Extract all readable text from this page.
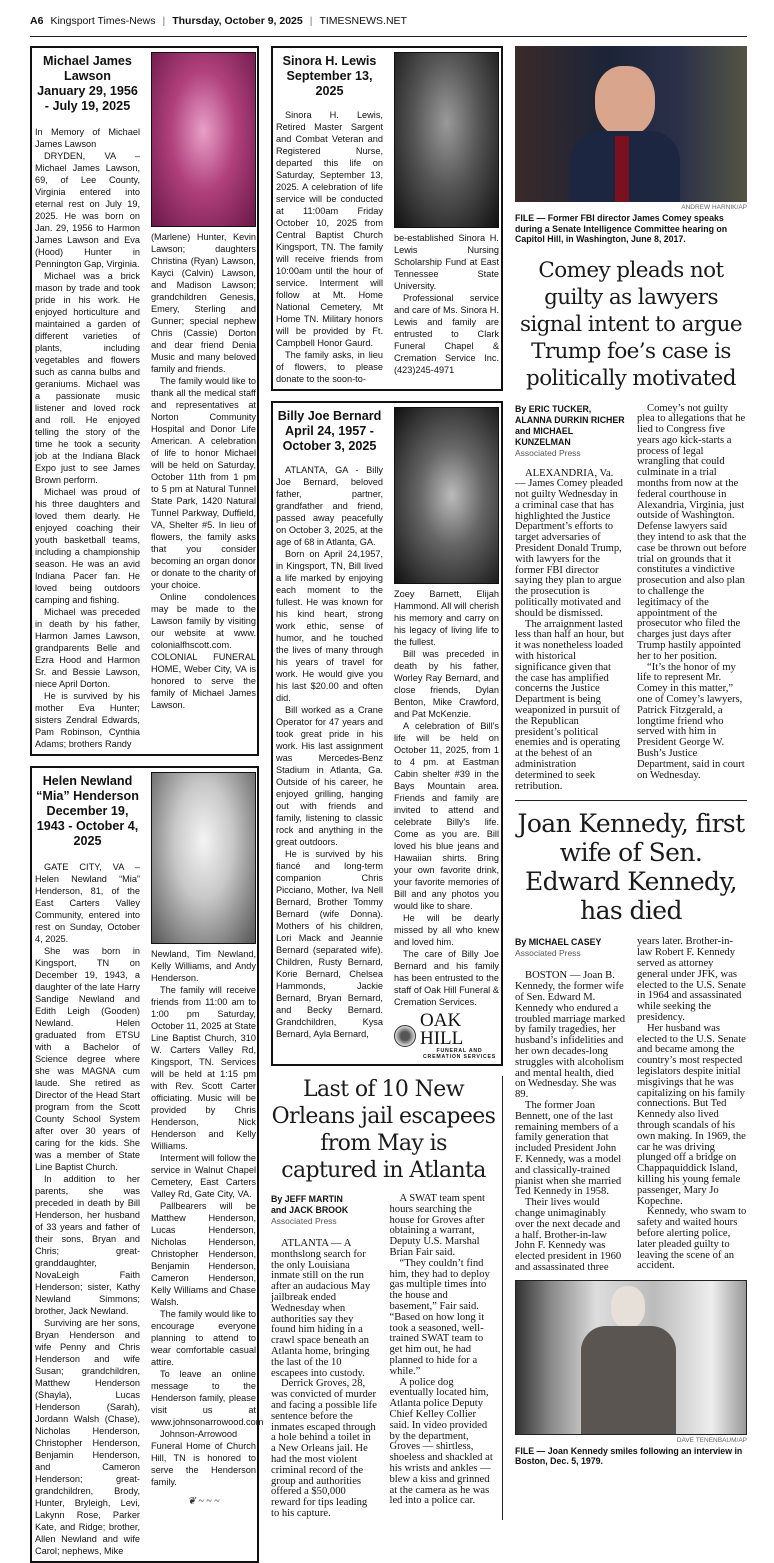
A6 Kingsport Times-News | Thursday, October 9, 2025 | TIMESNEWS.NET
Michael James Lawson
January 29, 1956 - July 19, 2025

In Memory of Michael James Lawson

DRYDEN, VA – Michael James Lawson, 69, of Lee County, Virginia entered into eternal rest on July 19, 2025. He was born on Jan. 29, 1956 to Harmon James Lawson and Eva (Hood) Hunter in Pennington Gap, Virginia.

Michael was a brick mason by trade and took pride in his work. He enjoyed horticulture and maintained a garden of different varieties of plants, including vegetables and flowers such as canna bulbs and geraniums. Michael was a passionate music listener and loved rock and roll. He enjoyed telling the story of the time he took a security job at the Indiana Black Expo just to see James Brown perform.

Michael was proud of his three daughters and loved them dearly. He enjoyed coaching their youth basketball teams, including a championship season. He was an avid Indiana Pacer fan. He loved being outdoors camping and fishing.

Michael was preceded in death by his father, Harmon James Lawson, grandparents Belle and Ezra Hood and Harmon Sr. and Bessie Lawson, niece April Dorton.

He is survived by his mother Eva Hunter; sisters Zendral Edwards, Pam Robinson, Cynthia Adams; brothers Randy

(Marlene) Hunter, Kevin Lawson; daughters Christina (Ryan) Lawson, Kayci (Calvin) Lawson, and Madison Lawson; grandchildren Genesis, Emery, Sterling and Gunner; special nephew Chris (Cassie) Dorton and dear friend Denia Music and many beloved family and friends.

The family would like to thank all the medical staff and representatives at Norton Community Hospital and Donor Life American. A celebration of life to honor Michael will be held on Saturday, October 11th from 1 pm to 5 pm at Natural Tunnel State Park, 1420 Natural Tunnel Parkway, Duffield, VA, Shelter #5. In lieu of flowers, the family asks that you consider becoming an organ donor or donate to the charity of your choice.

Online condolences may be made to the Lawson family by visiting our website at www. colonialfhscott.com. COLONIAL FUNERAL HOME, Weber City, VA is honored to serve the family of Michael James Lawson.

Helen Newland “Mia” Henderson
December 19, 1943 - October 4, 2025

GATE CITY, VA – Helen Newland “Mia” Henderson, 81, of the East Carters Valley Community, entered into rest on Sunday, October 4, 2025.

She was born in Kingsport, TN on December 19, 1943, a daughter of the late Harry Sandige Newland and Edith Leigh (Gooden) Newland. Helen graduated from ETSU with a Bachelor of Science degree where she was MAGNA cum laude. She retired as Director of the Head Start program from the Scott County School System after over 30 years of caring for the kids. She was a member of State Line Baptist Church.

In addition to her parents, she was preceded in death by Bill Henderson, her husband of 33 years and father of their sons, Bryan and Chris; great-granddaughter, NovaLeigh Faith Henderson; sister, Kathy Newland Simmons; brother, Jack Newland.

Surviving are her sons, Bryan Henderson and wife Penny and Chris Henderson and wife Susan; grandchildren, Matthew Henderson (Shayla), Lucas Henderson (Sarah), Jordann Walsh (Chase), Nicholas Henderson, Christopher Henderson, Benjamin Henderson, and Cameron Henderson; great-grandchildren, Brody, Hunter, Bryleigh, Levi, Lakynn Rose, Parker Kate, and Ridge; brother, Allen Newland and wife Carol; nephews, Mike

Newland, Tim Newland, Kelly Williams, and Andy Henderson.

The family will receive friends from 11:00 am to 1:00 pm Saturday, October 11, 2025 at State Line Baptist Church, 310 W. Carters Valley Rd, Kingsport, TN. Services will be held at 1:15 pm with Rev. Scott Carter officiating. Music will be provided by Chris Henderson, Nick Henderson and Kelly Williams.

Interment will follow the service in Walnut Chapel Cemetery, East Carters Valley Rd, Gate City, VA.

Pallbearers will be Matthew Henderson, Lucas Henderson, Nicholas Henderson, Christopher Henderson, Benjamin Henderson, Cameron Henderson, Kelly Williams and Chase Walsh.

The family would like to encourage everyone planning to attend to wear comfortable casual attire.

To leave an online message to the Henderson family, please visit us at www.johnsonarrowood.com

Johnson-Arrowood Funeral Home of Church Hill, TN is honored to serve the Henderson family.

❦ ~ ~ ~
Sinora H. Lewis
September 13, 2025

Sinora H. Lewis, Retired Master Sargent and Combat Veteran and Registered Nurse, departed this life on Saturday, September 13, 2025. A celebration of life service will be conducted at 11:00am Friday October 10, 2025 from Central Baptist Church Kingsport, TN. The family will receive friends from 10:00am until the hour of service. Interment will follow at Mt. Home National Cemetery, Mt Home TN. Military honors will be provided by Ft. Campbell Honor Gaurd.

The family asks, in lieu of flowers, to please donate to the soon-to-

be-established Sinora H. Lewis Nursing Scholarship Fund at East Tennessee State University.

Professional service and care of Ms. Sinora H. Lewis and family are entrusted to Clark Funeral Chapel & Cremation Service Inc. (423)245-4971

Billy Joe Bernard
April 24, 1957 - October 3, 2025

ATLANTA, GA - Billy Joe Bernard, beloved father, partner, grandfather and friend, passed away peacefully on October 3, 2025, at the age of 68 in Atlanta, GA.

Born on April 24,1957, in Kingsport, TN, Bill lived a life marked by enjoying each moment to the fullest. He was known for his kind heart, strong work ethic, sense of humor, and he touched the lives of many through his years of travel for work. He would give you his last $20.00 and often did.

Bill worked as a Crane Operator for 47 years and took great pride in his work. His last assignment was Mercedes-Benz Stadium in Atlanta, Ga. Outside of his career, he enjoyed grilling, hanging out with friends and family, listening to classic rock and anything in the great outdoors.

He is survived by his fiancé and long-term companion Chris Picciano, Mother, Iva Nell Bernard, Brother Tommy Bernard (wife Donna). Mothers of his children, Lori Mack and Jeannie Bernard (separated wife). Children, Rusty Bernard, Korie Bernard, Chelsea Hammonds, Jackie Bernard, Bryan Bernard, and Becky Bernard. Grandchildren, Kysa Bernard, Ayla Bernard,

Zoey Barnett, Elijah Hammond. All will cherish his memory and carry on his legacy of living life to the fullest.

Bill was preceded in death by his father, Worley Ray Bernard, and close friends, Dylan Benton, Mike Crawford, and Pat McKenzie.

A celebration of Bill's life will be held on October 11, 2025, from 1 to 4 pm. at Eastman Cabin shelter #39 in the Bays Mountain area. Friends and family are invited to attend and celebrate Billy's life. Come as you are. Bill loved his blue jeans and Hawaiian shirts. Bring your own favorite drink, your favorite memories of Bill and any photos you would like to share.

He will be dearly missed by all who knew and loved him.

The care of Billy Joe Bernard and his family has been entrusted to the staff of Oak Hill Funeral & Cremation Services.

OAK HILL
FUNERAL AND
CREMATION SERVICES
Last of 10 New Orleans jail escapees from May is captured in Atlanta
By JEFF MARTIN
and JACK BROOK
Associated Press

ATLANTA — A monthslong search for the only Louisiana inmate still on the run after an audacious May jailbreak ended Wednesday when authorities say they found him hiding in a crawl space beneath an Atlanta home, bringing the last of the 10 escapees into custody.

Derrick Groves, 28, was convicted of murder and facing a possible life sentence before the inmates escaped through a hole behind a toilet in a New Orleans jail. He had the most violent criminal record of the group and authorities offered a $50,000 reward for tips leading to his capture.

A SWAT team spent hours searching the house for Groves after obtaining a warrant, Deputy U.S. Marshal Brian Fair said.

“They couldn’t find him, they had to deploy gas multiple times into the house and basement,” Fair said. “Based on how long it took a seasoned, well-trained SWAT team to get him out, he had planned to hide for a while.”

A police dog eventually located him, Atlanta police Deputy Chief Kelley Collier said. In video provided by the department, Groves — shirtless, shoeless and shackled at his wrists and ankles — blew a kiss and grinned at the camera as he was led into a police car.

ANDREW HARNIK/AP
FILE — Former FBI director James Comey speaks during a Senate Intelligence Committee hearing on Capitol Hill, in Washington, June 8, 2017.
Comey pleads not guilty as lawyers signal intent to argue Trump foe’s case is politically motivated
By ERIC TUCKER,
ALANNA DURKIN RICHER
and MICHAEL KUNZELMAN
Associated Press

ALEXANDRIA, Va. — James Comey pleaded not guilty Wednesday in a criminal case that has highlighted the Justice Department’s efforts to target adversaries of President Donald Trump, with lawyers for the former FBI director saying they plan to argue the prosecution is politically motivated and should be dismissed.

The arraignment lasted less than half an hour, but it was nonetheless loaded with historical significance given that the case has amplified concerns the Justice Department is being weaponized in pursuit of the Republican president’s political enemies and is operating at the behest of an administration determined to seek retribution.

Comey’s not guilty plea to allegations that he lied to Congress five years ago kick-starts a process of legal wrangling that could culminate in a trial months from now at the federal courthouse in Alexandria, Virginia, just outside of Washington. Defense lawyers said they intend to ask that the case be thrown out before trial on grounds that it constitutes a vindictive prosecution and also plan to challenge the legitimacy of the appointment of the prosecutor who filed the charges just days after Trump hastily appointed her to her position.

“It’s the honor of my life to represent Mr. Comey in this matter,” one of Comey’s lawyers, Patrick Fitzgerald, a longtime friend who served with him in President George W. Bush’s Justice Department, said in court on Wednesday.

Joan Kennedy, first wife of Sen. Edward Kennedy, has died
By MICHAEL CASEY
Associated Press

BOSTON — Joan B. Kennedy, the former wife of Sen. Edward M. Kennedy who endured a troubled marriage marked by family tragedies, her husband’s infidelities and her own decades-long struggles with alcoholism and mental health, died on Wednesday. She was 89.

The former Joan Bennett, one of the last remaining members of a family generation that included President John F. Kennedy, was a model and classically-trained pianist when she married Ted Kennedy in 1958.

Their lives would change unimaginably over the next decade and a half. Brother-in-law John F. Kennedy was elected president in 1960 and assassinated three years later. Brother-in-law Robert F. Kennedy served as attorney general under JFK, was elected to the U.S. Senate in 1964 and assassinated while seeking the presidency.

Her husband was elected to the U.S. Senate and became among the country’s most respected legislators despite initial misgivings that he was capitalizing on his family connections. But Ted Kennedy also lived through scandals of his own making. In 1969, the car he was driving plunged off a bridge on Chappaquiddick Island, killing his young female passenger, Mary Jo Kopechne.

Kennedy, who swam to safety and waited hours before alerting police, later pleaded guilty to leaving the scene of an accident.

DAVE TENENBAUM/AP
FILE — Joan Kennedy smiles following an interview in Boston, Dec. 5, 1979.
